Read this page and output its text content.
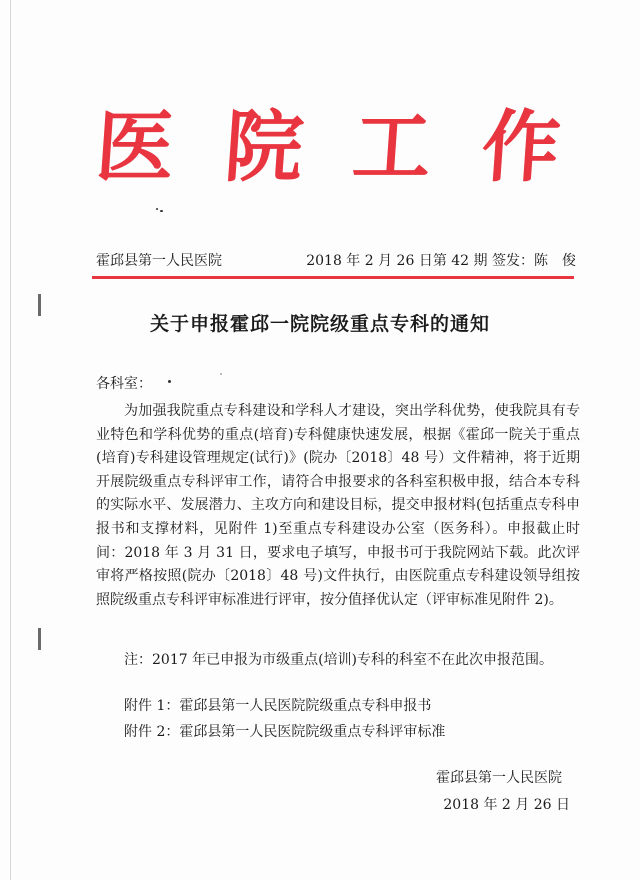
医 院 工 作
霍邱县第一人民医院	2018 年 2 月 26 日第 42 期 签发：陈　俊
关于申报霍邱一院院级重点专科的通知
各科室：

为加强我院重点专科建设和学科人才建设，突出学科优势，使我院具有专业特色和学科优势的重点(培育)专科健康快速发展，根据《霍邱一院关于重点(培育)专科建设管理规定(试行)》(院办〔2018〕48 号）文件精神，将于近期开展院级重点专科评审工作，请符合申报要求的各科室积极申报，结合本专科的实际水平、发展潜力、主攻方向和建设目标，提交申报材料(包括重点专科申报书和支撑材料，见附件 1)至重点专科建设办公室（医务科）。申报截止时间：2018 年 3 月 31 日，要求电子填写，申报书可于我院网站下载。此次评审将严格按照(院办〔2018〕48 号)文件执行，由医院重点专科建设领导组按照院级重点专科评审标准进行评审，按分值择优认定（评审标准见附件 2)。

注：2017 年已申报为市级重点(培训)专科的科室不在此次申报范围。
附件 1：霍邱县第一人民医院院级重点专科申报书
附件 2：霍邱县第一人民医院院级重点专科评审标准
霍邱县第一人民医院
2018 年 2 月 26 日
